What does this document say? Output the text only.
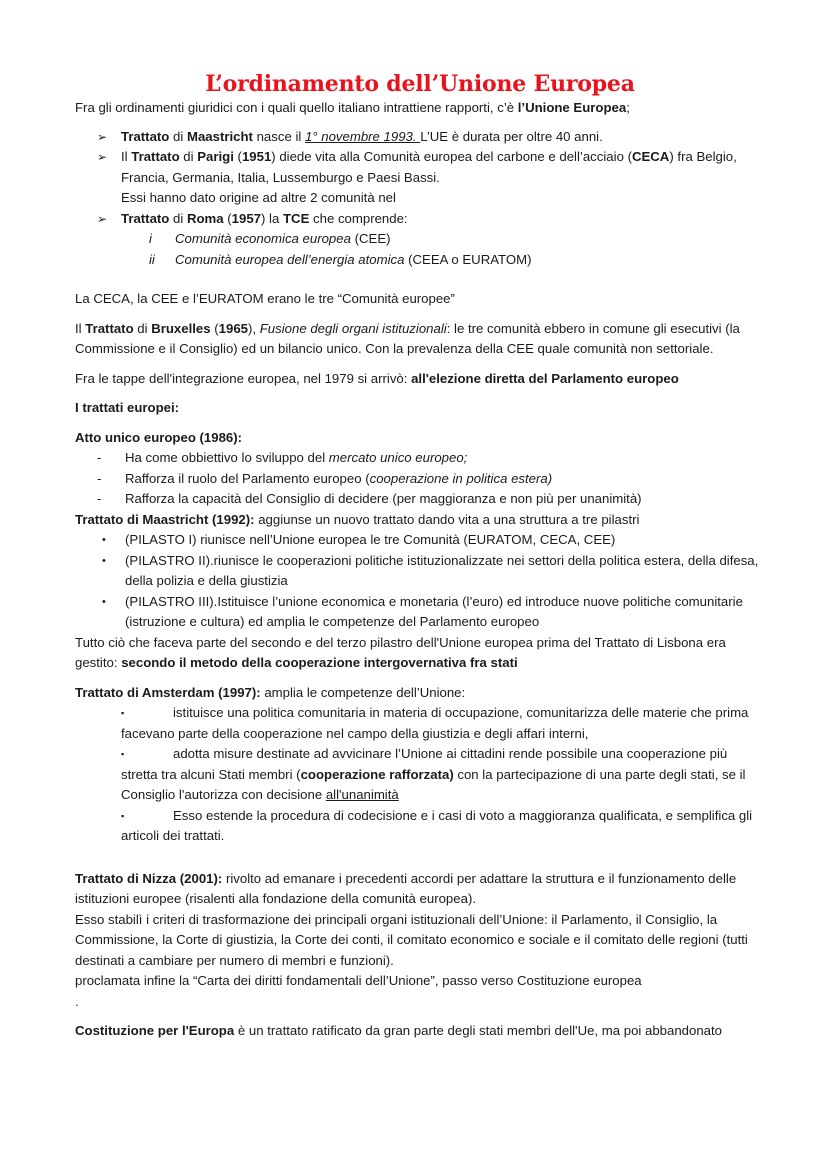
L’ordinamento dell’Unione Europea

Fra gli ordinamenti giuridici con i quali quello italiano intrattiene rapporti, c’è l’Unione Europea;

➢ Trattato di Maastricht nasce il 1° novembre 1993. L’UE è durata per oltre 40 anni.
➢ Il Trattato di Parigi (1951) diede vita alla Comunità europea del carbone e dell’acciaio (CECA) fra Belgio, Francia, Germania, Italia, Lussemburgo e Paesi Bassi.
Essi hanno dato origine ad altre 2 comunità nel
➢ Trattato di Roma (1957) la TCE che comprende:
i Comunità economica europea (CEE)
ii Comunità europea dell’energia atomica (CEEA o EURATOM)

La CECA, la CEE e l’EURATOM erano le tre “Comunità europee”

Il Trattato di Bruxelles (1965), Fusione degli organi istituzionali: le tre comunità ebbero in comune gli esecutivi (la Commissione e il Consiglio) ed un bilancio unico. Con la prevalenza della CEE quale comunità non settoriale.

Fra le tappe dell'integrazione europea, nel 1979 si arrivò: all'elezione diretta del Parlamento europeo

I trattati europei:

Atto unico europeo (1986):

- Ha come obbiettivo lo sviluppo del mercato unico europeo;
- Rafforza il ruolo del Parlamento europeo (cooperazione in politica estera)
- Rafforza la capacità del Consiglio di decidere (per maggioranza e non più per unanimità)

Trattato di Maastricht (1992): aggiunse un nuovo trattato dando vita a una struttura a tre pilastri

• (PILASTO I) riunisce nell’Unione europea le tre Comunità (EURATOM, CECA, CEE)
• (PILASTRO II).riunisce le cooperazioni politiche istituzionalizzate nei settori della politica estera, della difesa, della polizia e della giustizia
• (PILASTRO III).Istituisce l’unione economica e monetaria (l’euro) ed introduce nuove politiche comunitarie (istruzione e cultura) ed amplia le competenze del Parlamento europeo

Tutto ciò che faceva parte del secondo e del terzo pilastro dell'Unione europea prima del Trattato di Lisbona era gestito: secondo il metodo della cooperazione intergovernativa fra stati

Trattato di Amsterdam (1997): amplia le competenze dell’Unione:

▪	istituisce una politica comunitaria in materia di occupazione, comunitarizza delle materie che prima facevano parte della cooperazione nel campo della giustizia e degli affari interni,
▪	adotta misure destinate ad avvicinare l’Unione ai cittadini rende possibile una cooperazione più stretta tra alcuni Stati membri (cooperazione rafforzata) con la partecipazione di una parte degli stati, se il Consiglio l'autorizza con decisione all'unanimità
▪	Esso estende la procedura di codecisione e i casi di voto a maggioranza qualificata, e semplifica gli articoli dei trattati.

Trattato di Nizza (2001): rivolto ad emanare i precedenti accordi per adattare la struttura e il funzionamento delle istituzioni europee (risalenti alla fondazione della comunità europea).

Esso stabilì i criteri di trasformazione dei principali organi istituzionali dell’Unione: il Parlamento, il Consiglio, la Commissione, la Corte di giustizia, la Corte dei conti, il comitato economico e sociale e il comitato delle regioni (tutti destinati a cambiare per numero di membri e funzioni).

proclamata infine la “Carta dei diritti fondamentali dell’Unione”, passo verso Costituzione europea

.

Costituzione per l'Europa è un trattato ratificato da gran parte degli stati membri dell'Ue, ma poi abbandonato
